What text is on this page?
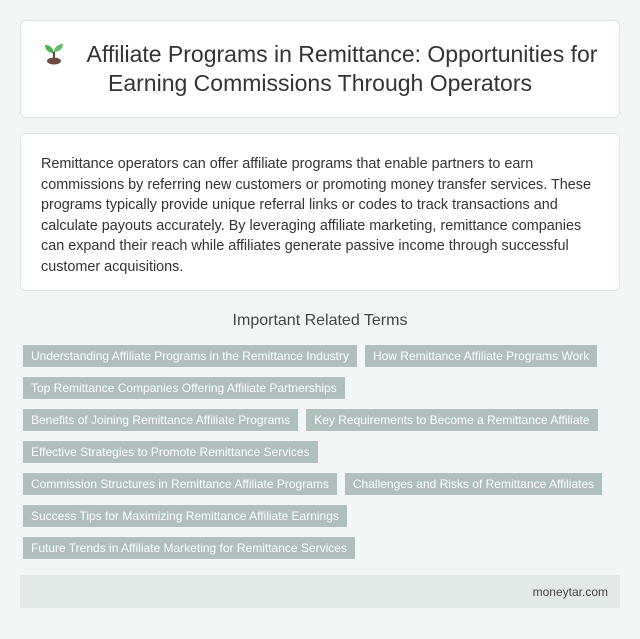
Affiliate Programs in Remittance: Opportunities for Earning Commissions Through Operators

Remittance operators can offer affiliate programs that enable partners to earn commissions by referring new customers or promoting money transfer services. These programs typically provide unique referral links or codes to track transactions and calculate payouts accurately. By leveraging affiliate marketing, remittance companies can expand their reach while affiliates generate passive income through successful customer acquisitions.

Important Related Terms
Understanding Affiliate Programs in the Remittance Industry	How Remittance Affiliate Programs Work
Top Remittance Companies Offering Affiliate Partnerships
Benefits of Joining Remittance Affiliate Programs	Key Requirements to Become a Remittance Affiliate
Effective Strategies to Promote Remittance Services
Commission Structures in Remittance Affiliate Programs	Challenges and Risks of Remittance Affiliates
Success Tips for Maximizing Remittance Affiliate Earnings
Future Trends in Affiliate Marketing for Remittance Services
moneytar.com
